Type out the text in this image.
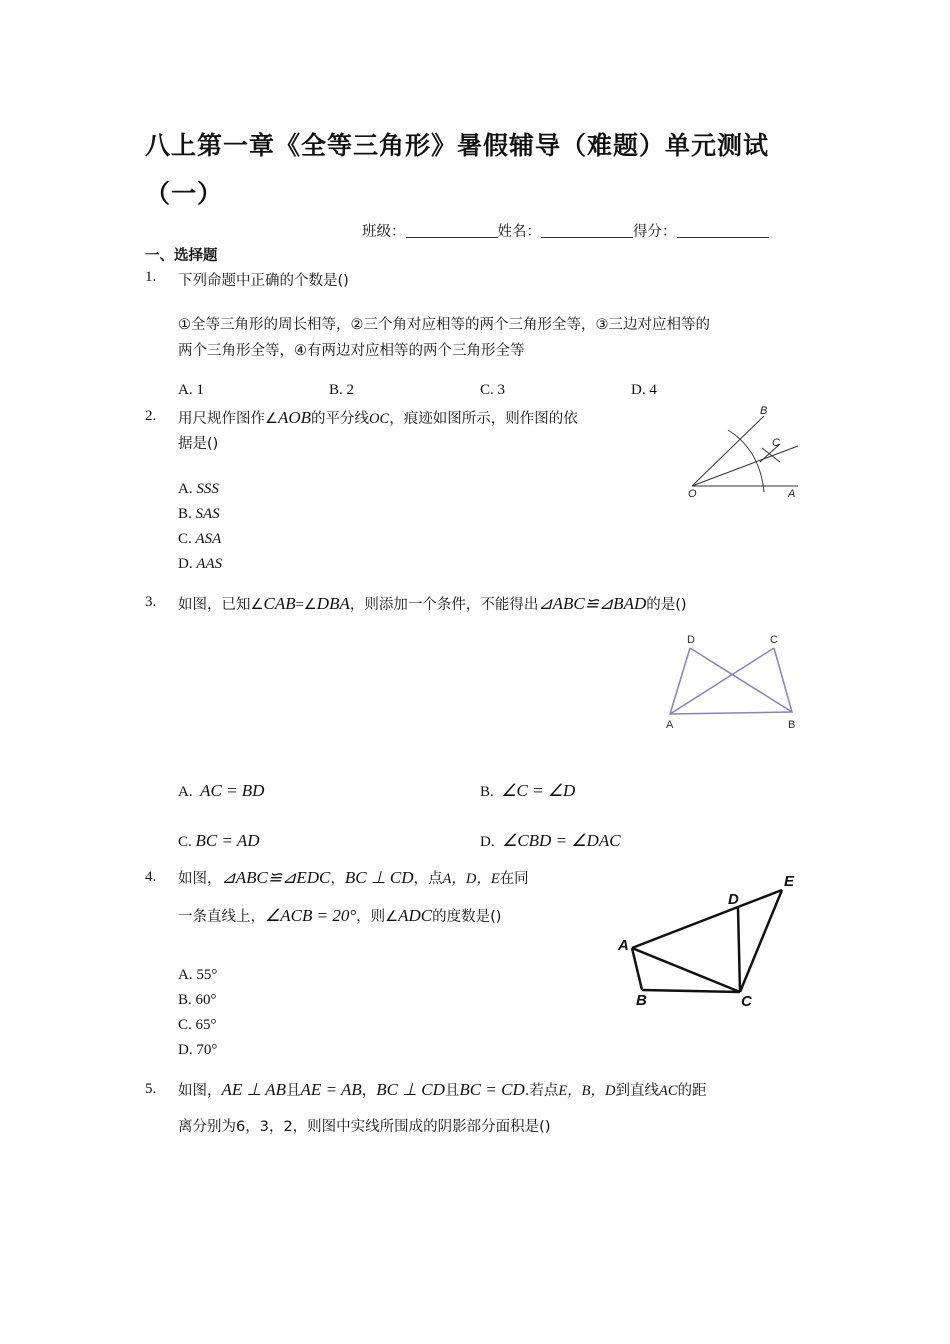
八上第一章《全等三角形》暑假辅导（难题）单元测试
（一）
班级：	姓名：	得分：
一、选择题
1. 下列命题中正确的个数是()
①全等三角形的周长相等，②三个角对应相等的两个三角形全等，③三边对应相等的
两个三角形全等，④有两边对应相等的两个三角形全等
A. 1	B. 2	C. 3	D. 4
2. 用尺规作图作∠AOB的平分线OC，痕迹如图所示，则作图的依
据是()
A. SSS
B. SAS
C. ASA
D. AAS
B
C
O	A
3. 如图，已知∠CAB=∠DBA，则添加一个条件，不能得出⊿ABC≌⊿BAD的是()
D	C
A	B
A. AC = BD	B. ∠C = ∠D
C. BC = AD	D. ∠CBD = ∠DAC
4. 如图，⊿ABC≌⊿EDC，BC ⊥ CD，点A，D，E在同
一条直线上，∠ACB = 20°，则∠ADC的度数是()
A. 55°
B. 60°
C. 65°
D. 70°
E
D
A
B	C
5. 如图，AE ⊥ AB且AE = AB，BC ⊥ CD且BC = CD.若点E，B，D到直线AC的距
离分别为6，3，2，则图中实线所围成的阴影部分面积是()
